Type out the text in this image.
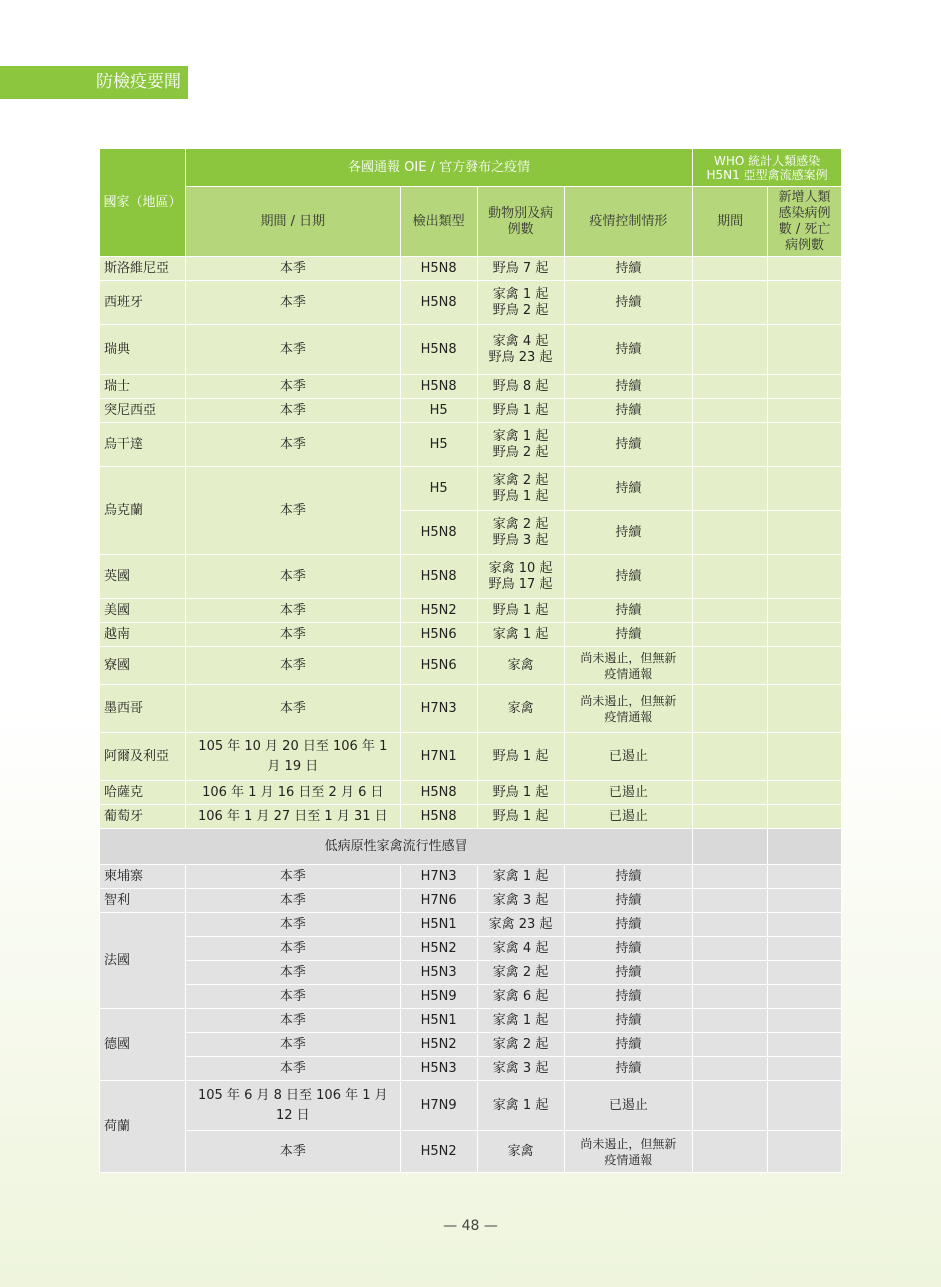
防檢疫要聞
國家（地區）	各國通報 OIE / 官方發布之疫情				WHO 統計人類感染
H5N1 亞型禽流感案例	
	期間 / 日期	檢出類型	動物別及病
例數	疫情控制情形	期間	新增人類
感染病例
數 / 死亡
病例數
斯洛維尼亞	本季	H5N8	野鳥 7 起	持續		
西班牙	本季	H5N8	家禽 1 起
野鳥 2 起	持續		
瑞典	本季	H5N8	家禽 4 起
野鳥 23 起	持續		
瑞士	本季	H5N8	野鳥 8 起	持續		
突尼西亞	本季	H5	野鳥 1 起	持續		
烏干達	本季	H5	家禽 1 起
野鳥 2 起	持續		
烏克蘭	本季	H5	家禽 2 起
野鳥 1 起	持續		
		H5N8	家禽 2 起
野鳥 3 起	持續		
英國	本季	H5N8	家禽 10 起
野鳥 17 起	持續		
美國	本季	H5N2	野鳥 1 起	持續		
越南	本季	H5N6	家禽 1 起	持續		
寮國	本季	H5N6	家禽	尚未遏止，但無新
疫情通報		
墨西哥	本季	H7N3	家禽	尚未遏止，但無新
疫情通報		
阿爾及利亞	105 年 10 月 20 日至 106 年 1
月 19 日	H7N1	野鳥 1 起	已遏止		
哈薩克	106 年 1 月 16 日至 2 月 6 日	H5N8	野鳥 1 起	已遏止		
葡萄牙	106 年 1 月 27 日至 1 月 31 日	H5N8	野鳥 1 起	已遏止		
低病原性家禽流行性感冒						
柬埔寨	本季	H7N3	家禽 1 起	持續		
智利	本季	H7N6	家禽 3 起	持續		
法國	本季	H5N1	家禽 23 起	持續		
	本季	H5N2	家禽 4 起	持續		
	本季	H5N3	家禽 2 起	持續		
	本季	H5N9	家禽 6 起	持續		
德國	本季	H5N1	家禽 1 起	持續		
	本季	H5N2	家禽 2 起	持續		
	本季	H5N3	家禽 3 起	持續		
荷蘭	105 年 6 月 8 日至 106 年 1 月
12 日	H7N9	家禽 1 起	已遏止		
	本季	H5N2	家禽	尚未遏止，但無新
疫情通報		
— 48 —
